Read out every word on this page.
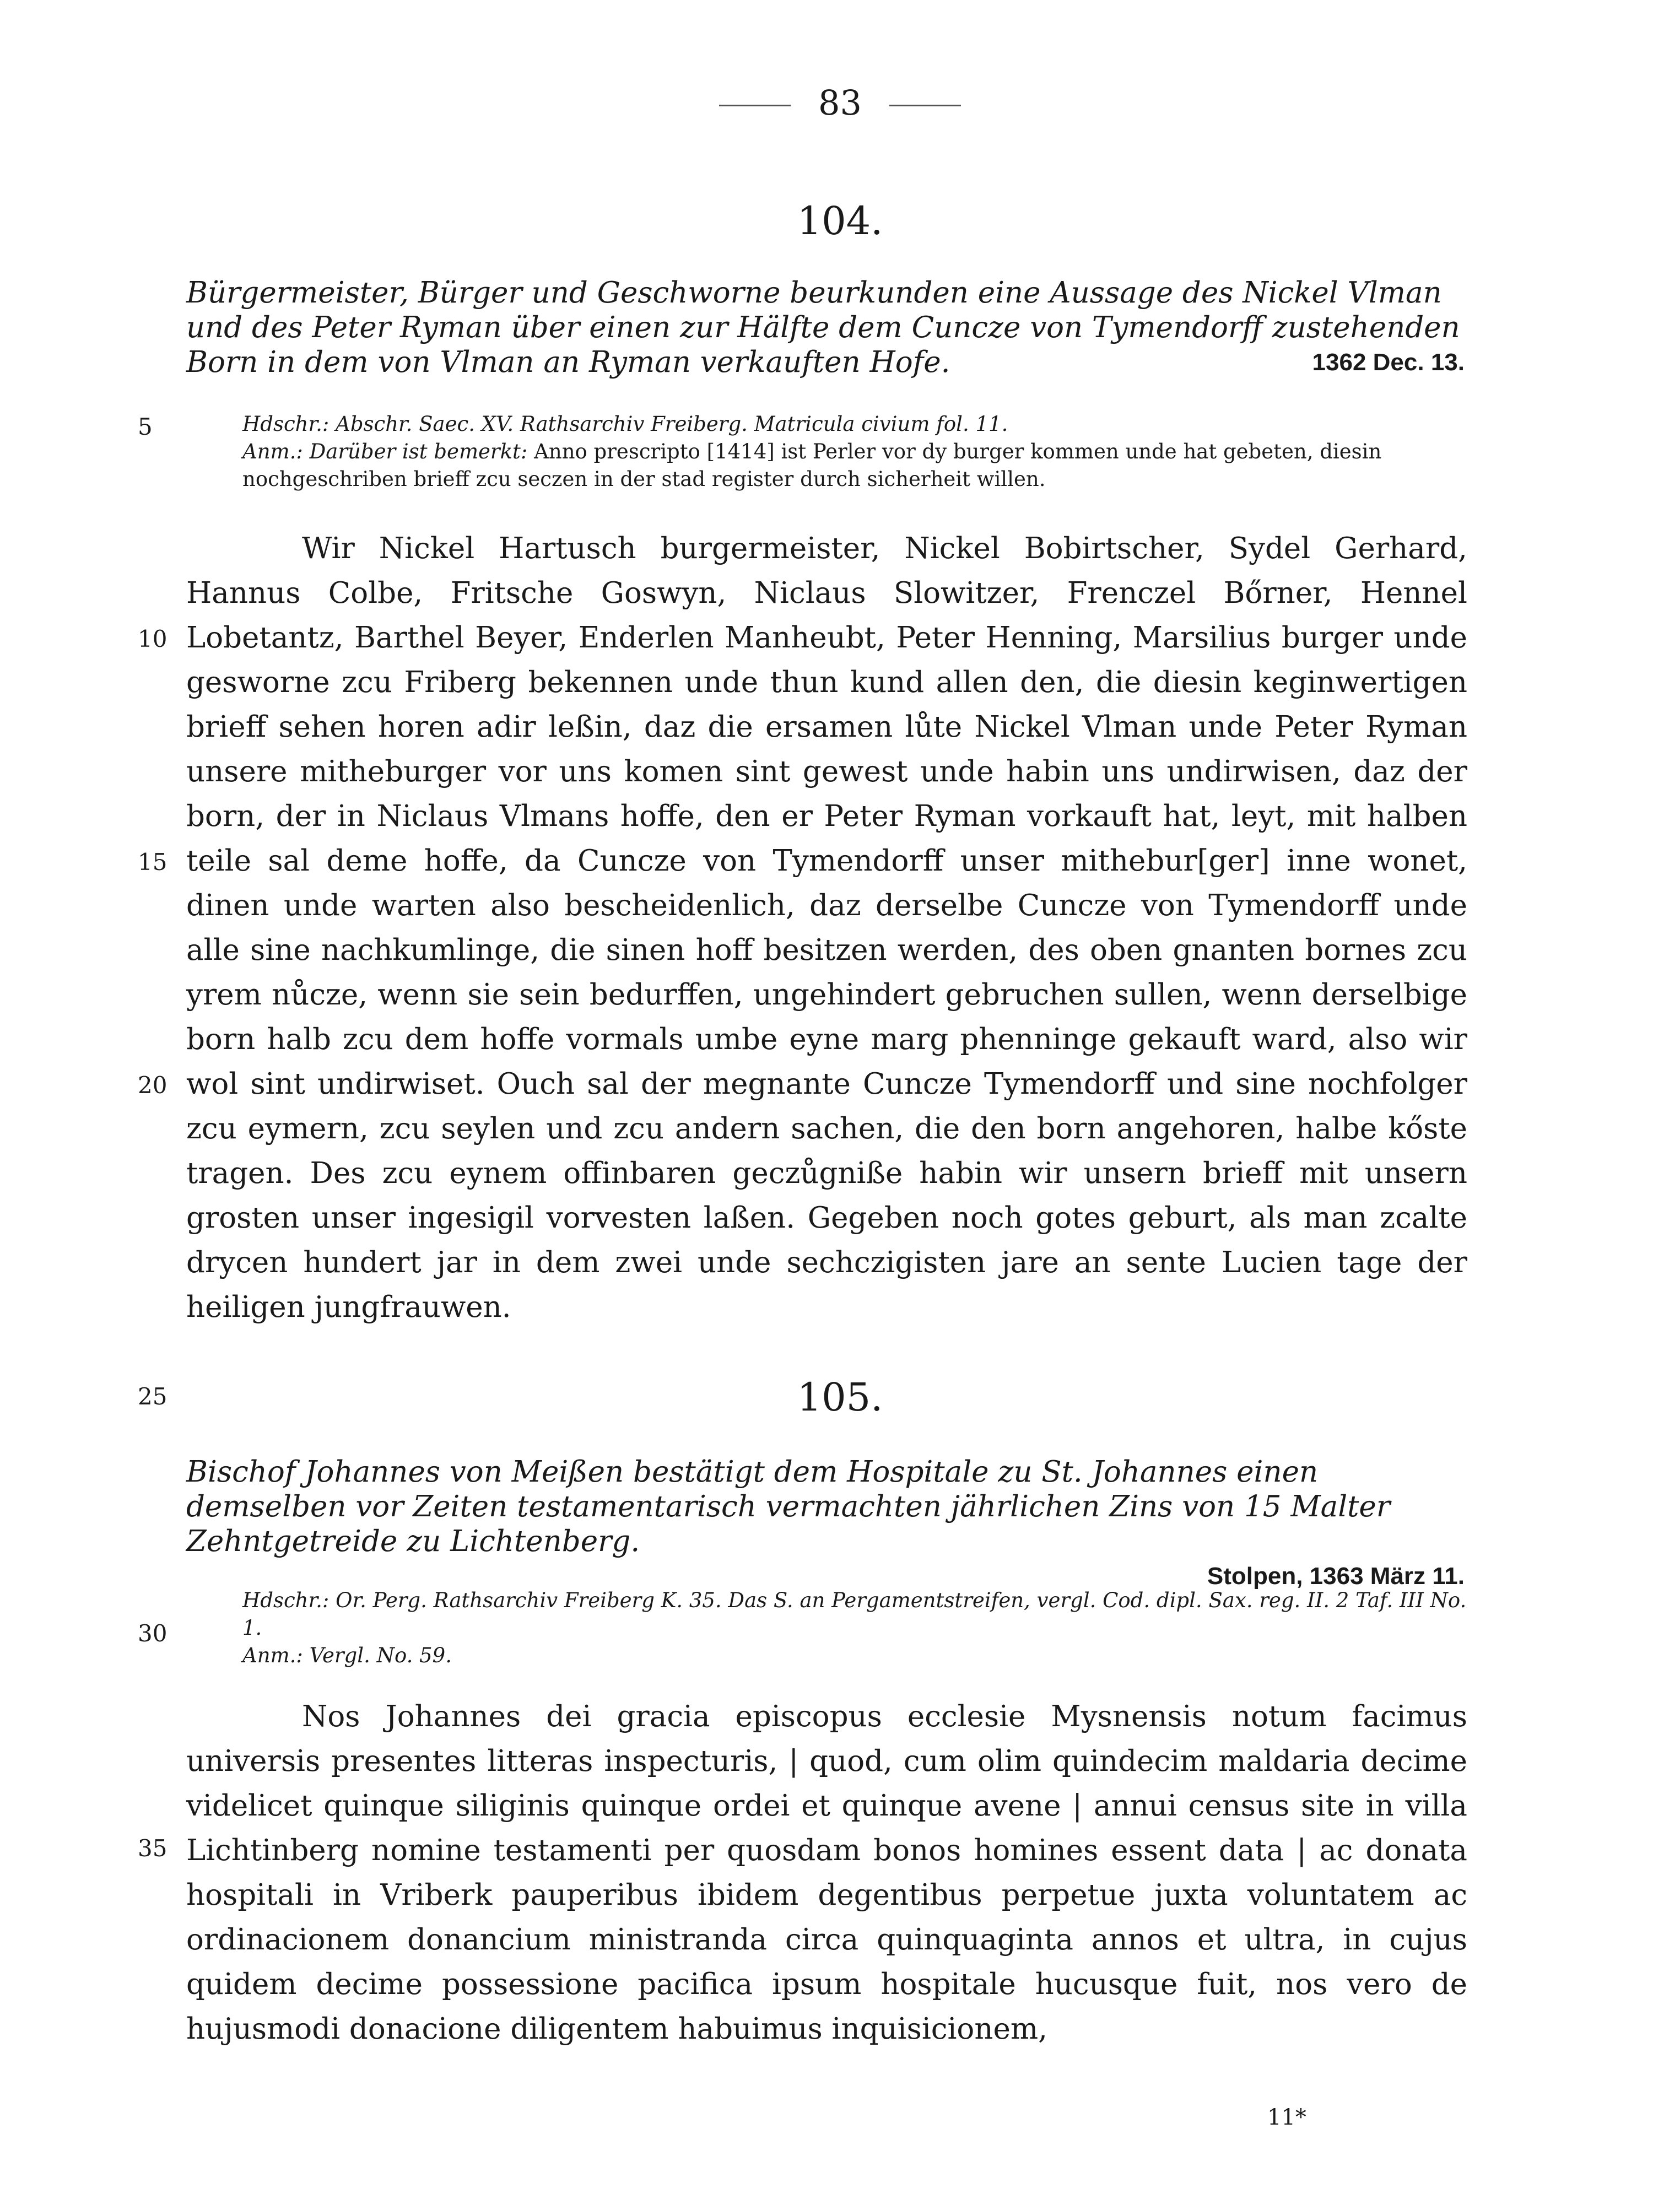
83
104.
Bürgermeister, Bürger und Geschworne beurkunden eine Aussage des Nickel Vlman und des Peter Ryman über einen zur Hälfte dem Cuncze von Tymendorff zustehenden Born in dem von Vlman an Ryman verkauften Hofe.	1362 Dec. 13.
Hdschr.: Abschr. Saec. XV. Rathsarchiv Freiberg. Matricula civium fol. 11.
Anm.: Darüber ist bemerkt: Anno prescripto [1414] ist Perler vor dy burger kommen unde hat gebeten, diesin nochgeschriben brieff zcu seczen in der stad register durch sicherheit willen.
Wir Nickel Hartusch burgermeister, Nickel Bobirtscher, Sydel Gerhard, Hannus Colbe, Fritsche Goswyn, Niclaus Slowitzer, Frenczel Bőrner, Hennel Lobetantz, Barthel Beyer, Enderlen Manheubt, Peter Henning, Marsilius burger unde gesworne zcu Friberg bekennen unde thun kund allen den, die diesin keginwertigen brieff sehen horen adir leßin, daz die ersamen lůte Nickel Vlman unde Peter Ryman unsere mitheburger vor uns komen sint gewest unde habin uns undirwisen, daz der born, der in Niclaus Vlmans hoffe, den er Peter Ryman vorkauft hat, leyt, mit halben teile sal deme hoffe, da Cuncze von Tymendorff unser mithebur[ger] inne wonet, dinen unde warten also bescheidenlich, daz derselbe Cuncze von Tymendorff unde alle sine nachkumlinge, die sinen hoff besitzen werden, des oben gnanten bornes zcu yrem nůcze, wenn sie sein bedurffen, ungehindert gebruchen sullen, wenn derselbige born halb zcu dem hoffe vormals umbe eyne marg phenninge gekauft ward, also wir wol sint undirwiset. Ouch sal der megnante Cuncze Tymendorff und sine nochfolger zcu eymern, zcu seylen und zcu andern sachen, die den born angehoren, halbe kőste tragen. Des zcu eynem offinbaren geczůgniße habin wir unsern brieff mit unsern grosten unser ingesigil vorvesten laßen. Gegeben noch gotes geburt, als man zcalte drycen hundert jar in dem zwei unde sechczigisten jare an sente Lucien tage der heiligen jungfrauwen.
105.
Bischof Johannes von Meißen bestätigt dem Hospitale zu St. Johannes einen demselben vor Zeiten testamentarisch vermachten jährlichen Zins von 15 Malter Zehntgetreide zu Lichtenberg.

Stolpen, 1363 März 11.
Hdschr.: Or. Perg. Rathsarchiv Freiberg K. 35. Das S. an Pergamentstreifen, vergl. Cod. dipl. Sax. reg. II. 2 Taf. III No. 1.
Anm.: Vergl. No. 59.
Nos Johannes dei gracia episcopus ecclesie Mysnensis notum facimus universis presentes litteras inspecturis, | quod, cum olim quindecim maldaria decime videlicet quinque siliginis quinque ordei et quinque avene | annui census site in villa Lichtinberg nomine testamenti per quosdam bonos homines essent data | ac donata hospitali in Vriberk pauperibus ibidem degentibus perpetue juxta voluntatem ac ordinacionem donancium ministranda circa quinquaginta annos et ultra, in cujus quidem decime possessione pacifica ipsum hospitale hucusque fuit, nos vero de hujusmodi donacione diligentem habuimus inquisicionem,
5
10
15
20
25
30
35
11*
